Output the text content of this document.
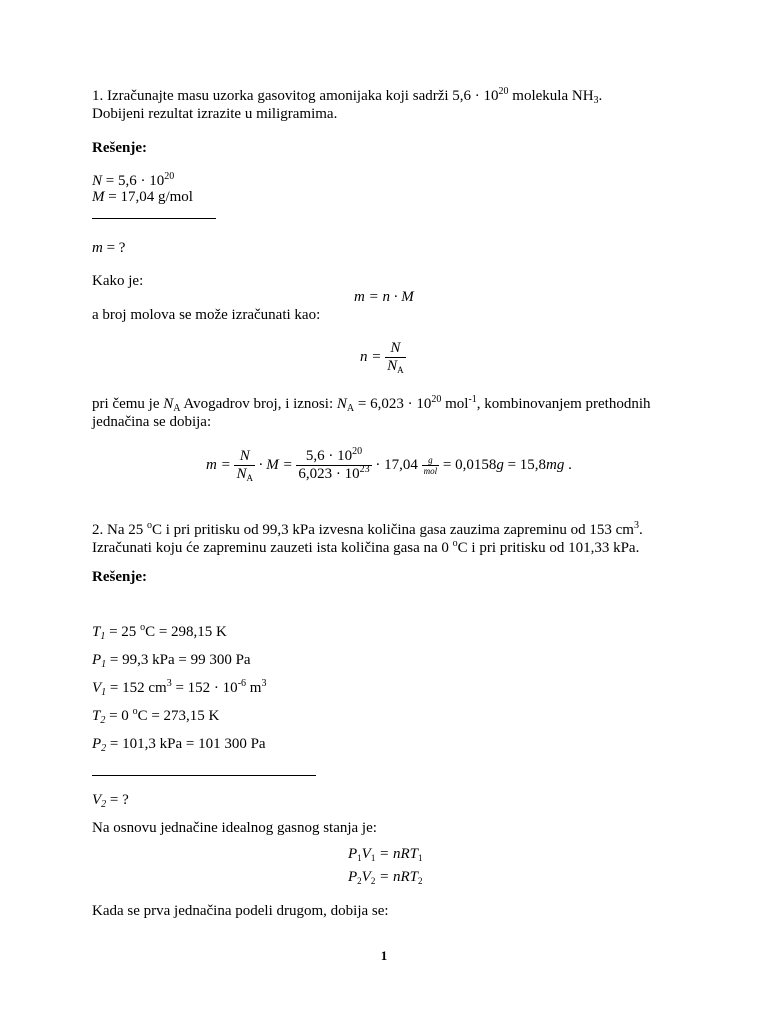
1. Izračunajte masu uzorka gasovitog amonijaka koji sadrži $5,6 \cdot 10^{20}$ molekula $NH_3$.
Dobijeni rezultat izrazite u miligramima.
Rešenje:
$N = 5,6 \cdot 10^{20}$
M = 17,04 g/mol
m = ?
Kako je:
m = n · M
a broj molova se može izračunati kao:
$n = \frac{N}{N_A}$
pri čemu je $N_A$ Avogadrov broj, i iznosi: $N_A = 6,023 \cdot 10^{20}$ mol$^{-1}$, kombinovanjem prethodnih
jednačina se dobija:
$m = \frac{N}{N_A} \cdot M = \frac{5,6 \cdot 10^{20}}{6,023 \cdot 10^{23}} \cdot 17,04 \frac{g}{\text{mol}} = 0,0158g = 15,8mg$ .
2. Na 25 $^o$C i pri pritisku od 99,3 kPa izvesna količina gasa zauzima zapreminu od 153 $cm^3$.
Izračunati koju će zapreminu zauzeti ista količina gasa na 0 $^o$C i pri pritisku od 101,33 kPa.
Rešenje:
$T_1 = 25$ $^o$C = 298,15 K
$P_1 = 99,3$ kPa = 99 300 Pa
$V_1 = 152$ $cm^3 = 152 \cdot 10^{-6}$ $m^3$
$T_2 = 0$ $^o$C = 273,15 K
$P_2 = 101,3$ kPa = 101 300 Pa
$V_2$ = ?
Na osnovu jednačine idealnog gasnog stanja je:
$P_1V_1 = nRT_1$
$P_2V_2 = nRT_2$
Kada se prva jednačina podeli drugom, dobija se:
1
